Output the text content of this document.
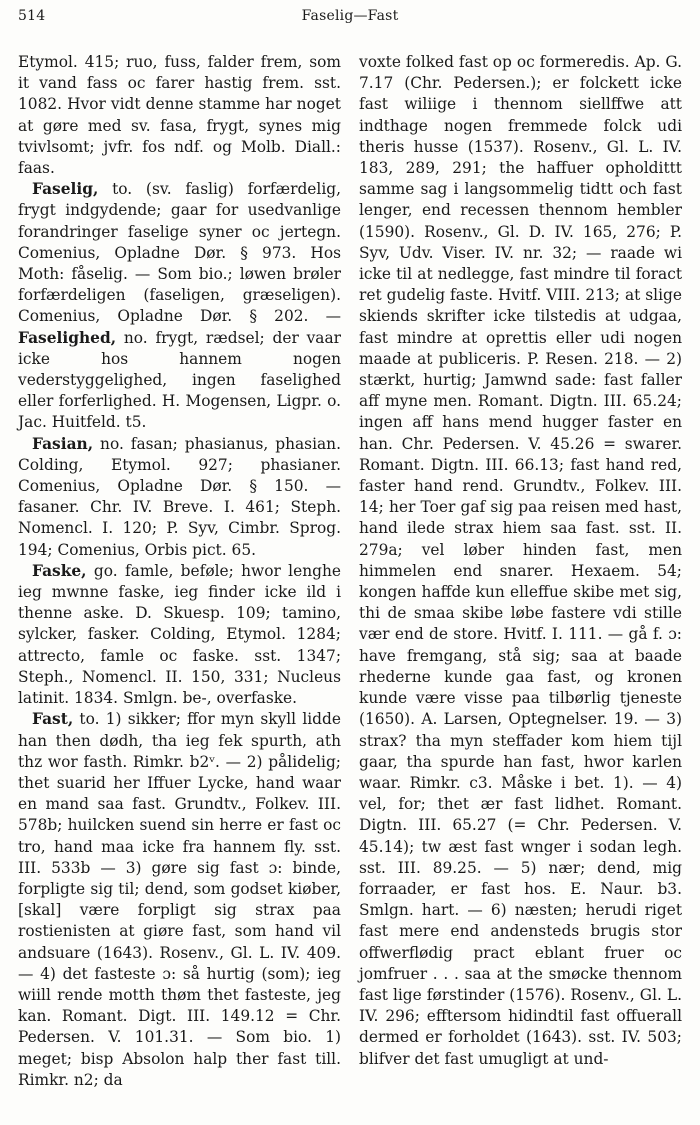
514	Faselig—Fast

Etymol. 415; ruo, fuss, falder frem, som it vand fass oc farer hastig frem. sst. 1082. Hvor vidt denne stamme har noget at gøre med sv. fasa, frygt, synes mig tvivlsomt; jvfr. fos ndf. og Molb. Diall.: faas.

Faselig, to. (sv. faslig) forfærdelig, frygt indgydende; gaar for usedvanlige forandringer faselige syner oc jertegn. Comenius, Opladne Dør. § 973. Hos Moth: fåselig. — Som bio.; løwen brøler forfærdeligen (faseligen, græseligen). Comenius, Opladne Dør. § 202. — Faselighed, no. frygt, rædsel; der vaar icke hos hannem nogen vederstyggelighed, ingen faselighed eller forferlighed. H. Mogensen, Ligpr. o. Jac. Huitfeld. t5.

Fasian, no. fasan; phasianus, phasian. Colding, Etymol. 927; phasianer. Comenius, Opladne Dør. § 150. — fasaner. Chr. IV. Breve. I. 461; Steph. Nomencl. I. 120; P. Syv, Cimbr. Sprog. 194; Comenius, Orbis pict. 65.

Faske, go. famle, beføle; hwor lenghe ieg mwnne faske, ieg finder icke ild i thenne aske. D. Skuesp. 109; tamino, sylcker, fasker. Colding, Etymol. 1284; attrecto, famle oc faske. sst. 1347; Steph., Nomencl. II. 150, 331; Nucleus latinit. 1834. Smlgn. be-, overfaske.

Fast, to. 1) sikker; ffor myn skyll lidde han then dødh, tha ieg fek spurth, ath thz wor fasth. Rimkr. b2ᵛ. — 2) pålidelig; thet suarid her Iffuer Lycke, hand waar en mand saa fast. Grundtv., Folkev. III. 578b; huilcken suend sin herre er fast oc tro, hand maa icke fra hannem fly. sst. III. 533b — 3) gøre sig fast ɔ: binde, forpligte sig til; dend, som godset kiøber, [skal] være forpligt sig strax paa rostienisten at giøre fast, som hand vil andsuare (1643). Rosenv., Gl. L. IV. 409. — 4) det fasteste ɔ: så hurtig (som); ieg wiill rende motth thøm thet fasteste, jeg kan. Romant. Digt. III. 149.12 = Chr. Pedersen. V. 101.31. — Som bio. 1) meget; bisp Absolon halp ther fast till. Rimkr. n2; da

voxte folked fast op oc formeredis. Ap. G. 7.17 (Chr. Pedersen.); er folckett icke fast wiliige i thennom siellffwe att indthage nogen fremmede folck udi theris husse (1537). Rosenv., Gl. L. IV. 183, 289, 291; the haffuer opholdittt samme sag i langsommelig tidtt och fast lenger, end recessen thennom hembler (1590). Rosenv., Gl. D. IV. 165, 276; P. Syv, Udv. Viser. IV. nr. 32; — raade wi icke til at nedlegge, fast mindre til foract ret gudelig faste. Hvitf. VIII. 213; at slige skiends skrifter icke tilstedis at udgaa, fast mindre at oprettis eller udi nogen maade at publiceris. P. Resen. 218. — 2) stærkt, hurtig; Jamwnd sade: fast faller aff myne men. Romant. Digtn. III. 65.24; ingen aff hans mend hugger faster en han. Chr. Pedersen. V. 45.26 = swarer. Romant. Digtn. III. 66.13; fast hand red, faster hand rend. Grundtv., Folkev. III. 14; her Toer gaf sig paa reisen med hast, hand ilede strax hiem saa fast. sst. II. 279a; vel løber hinden fast, men himmelen end snarer. Hexaem. 54; kongen haffde kun elleffue skibe met sig, thi de smaa skibe løbe fastere vdi stille vær end de store. Hvitf. I. 111. — gå f. ɔ: have fremgang, stå sig; saa at baade rhederne kunde gaa fast, og kronen kunde være visse paa tilbørlig tjeneste (1650). A. Larsen, Optegnelser. 19. — 3) strax? tha myn steffader kom hiem tijl gaar, tha spurde han fast, hwor karlen waar. Rimkr. c3. Måske i bet. 1). — 4) vel, for; thet ær fast lidhet. Romant. Digtn. III. 65.27 (= Chr. Pedersen. V. 45.14); tw æst fast wnger i sodan legh. sst. III. 89.25. — 5) nær; dend, mig forraader, er fast hos. E. Naur. b3. Smlgn. hart. — 6) næsten; herudi riget fast mere end andensteds brugis stor offwerflødig pract eblant fruer oc jomfruer . . . saa at the smøcke thennom fast lige førstinder (1576). Rosenv., Gl. L. IV. 296; efftersom hidindtil fast offuerall dermed er forholdet (1643). sst. IV. 503; blifver det fast umugligt at und-
